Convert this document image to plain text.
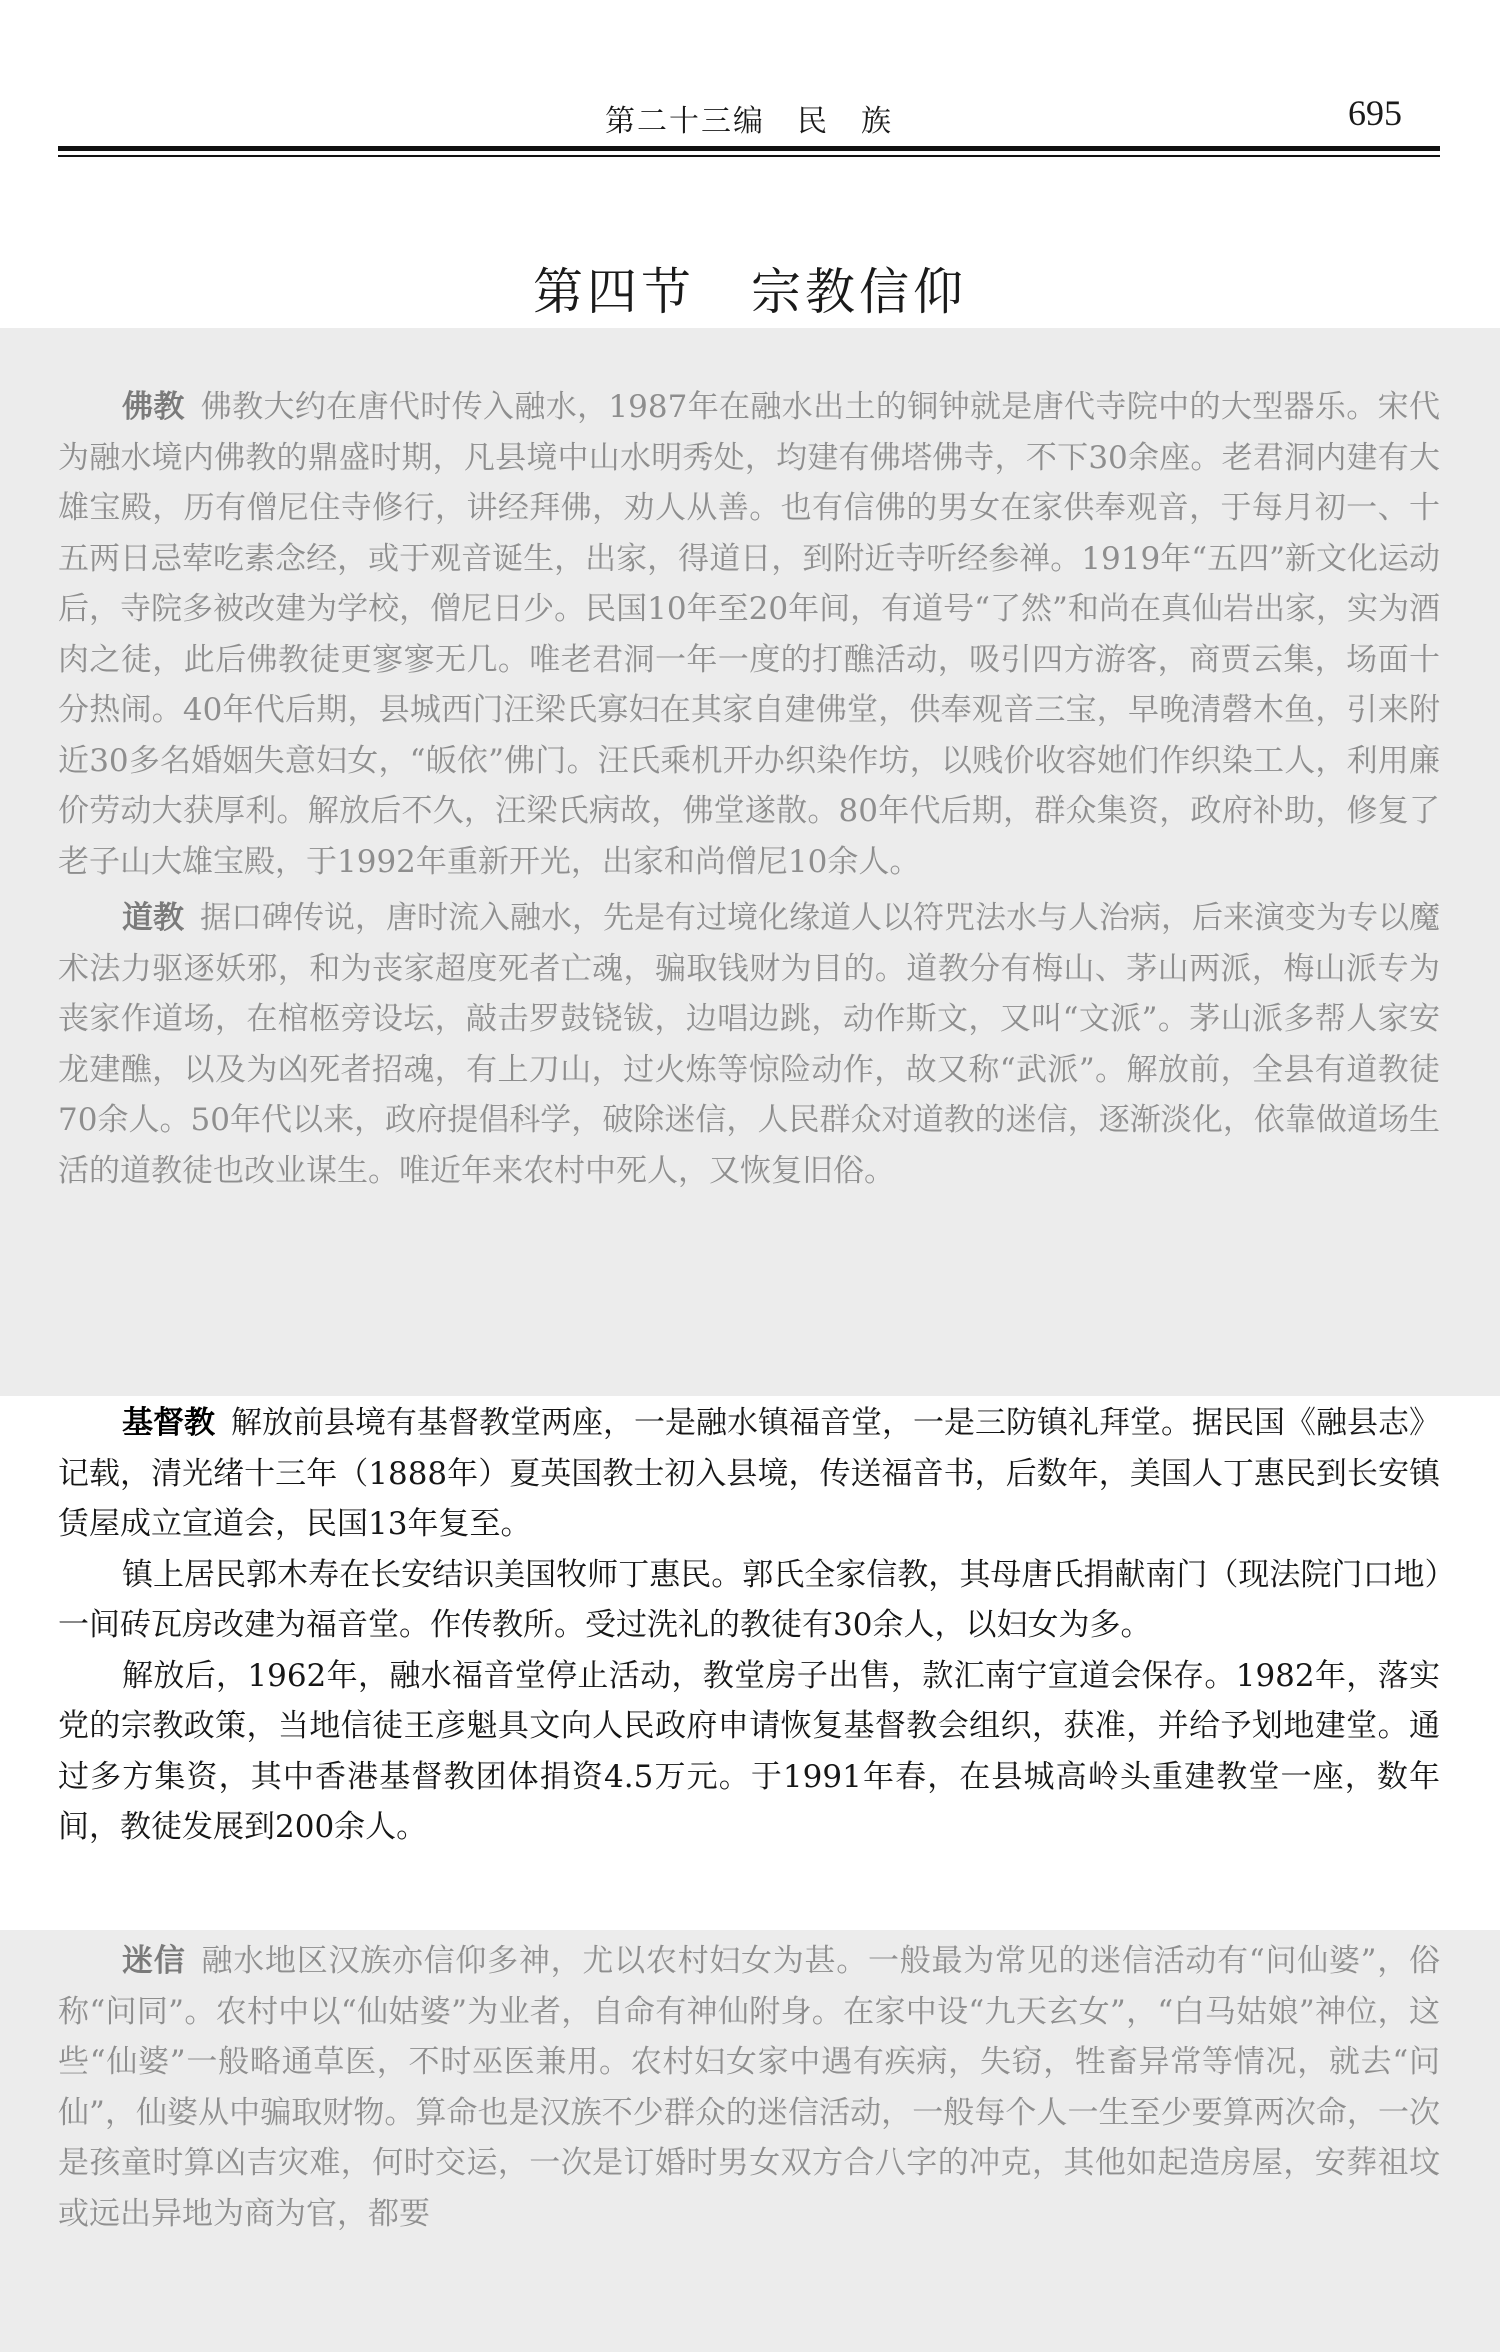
第二十三编　民　族	695
第四节 宗教信仰

佛教 佛教大约在唐代时传入融水，1987年在融水出土的铜钟就是唐代寺院中的大型器乐。宋代为融水境内佛教的鼎盛时期，凡县境中山水明秀处，均建有佛塔佛寺，不下30余座。老君洞内建有大雄宝殿，历有僧尼住寺修行，讲经拜佛，劝人从善。也有信佛的男女在家供奉观音，于每月初一、十五两日忌荤吃素念经，或于观音诞生，出家，得道日，到附近寺听经参禅。1919年“五四”新文化运动后，寺院多被改建为学校，僧尼日少。民国10年至20年间，有道号“了然”和尚在真仙岩出家，实为酒肉之徒，此后佛教徒更寥寥无几。唯老君洞一年一度的打醮活动，吸引四方游客，商贾云集，场面十分热闹。40年代后期，县城西门汪梁氏寡妇在其家自建佛堂，供奉观音三宝，早晚清磬木鱼，引来附近30多名婚姻失意妇女，“皈依”佛门。汪氏乘机开办织染作坊，以贱价收容她们作织染工人，利用廉价劳动大获厚利。解放后不久，汪梁氏病故，佛堂遂散。80年代后期，群众集资，政府补助，修复了老子山大雄宝殿，于1992年重新开光，出家和尚僧尼10余人。

道教 据口碑传说，唐时流入融水，先是有过境化缘道人以符咒法水与人治病，后来演变为专以魔术法力驱逐妖邪，和为丧家超度死者亡魂，骗取钱财为目的。道教分有梅山、茅山两派，梅山派专为丧家作道场，在棺柩旁设坛，敲击罗鼓铙钹，边唱边跳，动作斯文，又叫“文派”。茅山派多帮人家安龙建醮，以及为凶死者招魂，有上刀山，过火炼等惊险动作，故又称“武派”。解放前，全县有道教徒70余人。50年代以来，政府提倡科学，破除迷信，人民群众对道教的迷信，逐渐淡化，依靠做道场生活的道教徒也改业谋生。唯近年来农村中死人，又恢复旧俗。

基督教 解放前县境有基督教堂两座，一是融水镇福音堂，一是三防镇礼拜堂。据民国《融县志》记载，清光绪十三年（1888年）夏英国教士初入县境，传送福音书，后数年，美国人丁惠民到长安镇赁屋成立宣道会，民国13年复至。

镇上居民郭木寿在长安结识美国牧师丁惠民。郭氏全家信教，其母唐氏捐献南门（现法院门口地）一间砖瓦房改建为福音堂。作传教所。受过洗礼的教徒有30余人，以妇女为多。

解放后，1962年，融水福音堂停止活动，教堂房子出售，款汇南宁宣道会保存。1982年，落实党的宗教政策，当地信徒王彦魁具文向人民政府申请恢复基督教会组织，获准，并给予划地建堂。通过多方集资，其中香港基督教团体捐资4.5万元。于1991年春，在县城高岭头重建教堂一座，数年间，教徒发展到200余人。

迷信 融水地区汉族亦信仰多神，尤以农村妇女为甚。一般最为常见的迷信活动有“问仙婆”，俗称“问同”。农村中以“仙姑婆”为业者，自命有神仙附身。在家中设“九天玄女”，“白马姑娘”神位，这些“仙婆”一般略通草医，不时巫医兼用。农村妇女家中遇有疾病，失窃，牲畜异常等情况，就去“问仙”，仙婆从中骗取财物。算命也是汉族不少群众的迷信活动，一般每个人一生至少要算两次命，一次是孩童时算凶吉灾难，何时交运，一次是订婚时男女双方合八字的冲克，其他如起造房屋，安葬祖坟或远出异地为商为官，都要
